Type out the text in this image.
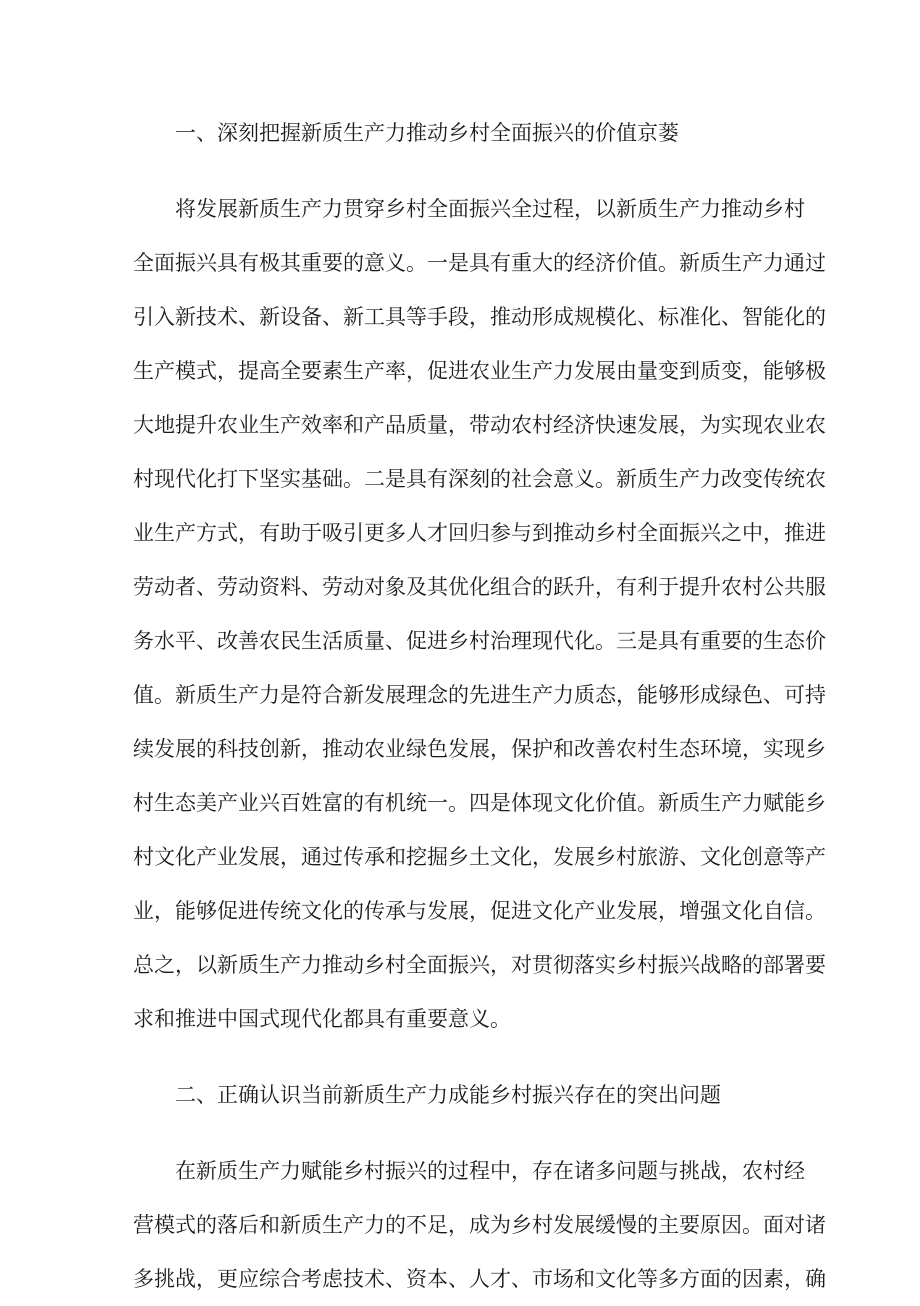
一、深刻把握新质生产力推动乡村全面振兴的价值京蒌

将发展新质生产力贯穿乡村全面振兴全过程，以新质生产力推动乡村
全面振兴具有极其重要的意义。一是具有重大的经济价值。新质生产力通过
引入新技术、新设备、新工具等手段，推动形成规模化、标准化、智能化的
生产模式，提高全要素生产率，促进农业生产力发展由量变到质变，能够极
大地提升农业生产效率和产品质量，带动农村经济快速发展，为实现农业农
村现代化打下坚实基础。二是具有深刻的社会意义。新质生产力改变传统农
业生产方式，有助于吸引更多人才回归参与到推动乡村全面振兴之中，推进
劳动者、劳动资料、劳动对象及其优化组合的跃升，有利于提升农村公共服
务水平、改善农民生活质量、促进乡村治理现代化。三是具有重要的生态价
值。新质生产力是符合新发展理念的先进生产力质态，能够形成绿色、可持
续发展的科技创新，推动农业绿色发展，保护和改善农村生态环境，实现乡
村生态美产业兴百姓富的有机统一。四是体现文化价值。新质生产力赋能乡
村文化产业发展，通过传承和挖掘乡土文化，发展乡村旅游、文化创意等产
业，能够促进传统文化的传承与发展，促进文化产业发展，增强文化自信。
总之，以新质生产力推动乡村全面振兴，对贯彻落实乡村振兴战略的部署要
求和推进中国式现代化都具有重要意义。

二、正确认识当前新质生产力成能乡村振兴存在的突出问题

在新质生产力赋能乡村振兴的过程中，存在诸多问题与挑战，农村经
营模式的落后和新质生产力的不足，成为乡村发展缓慢的主要原因。面对诸
多挑战，更应综合考虑技术、资本、人才、市场和文化等多方面的因素，确
